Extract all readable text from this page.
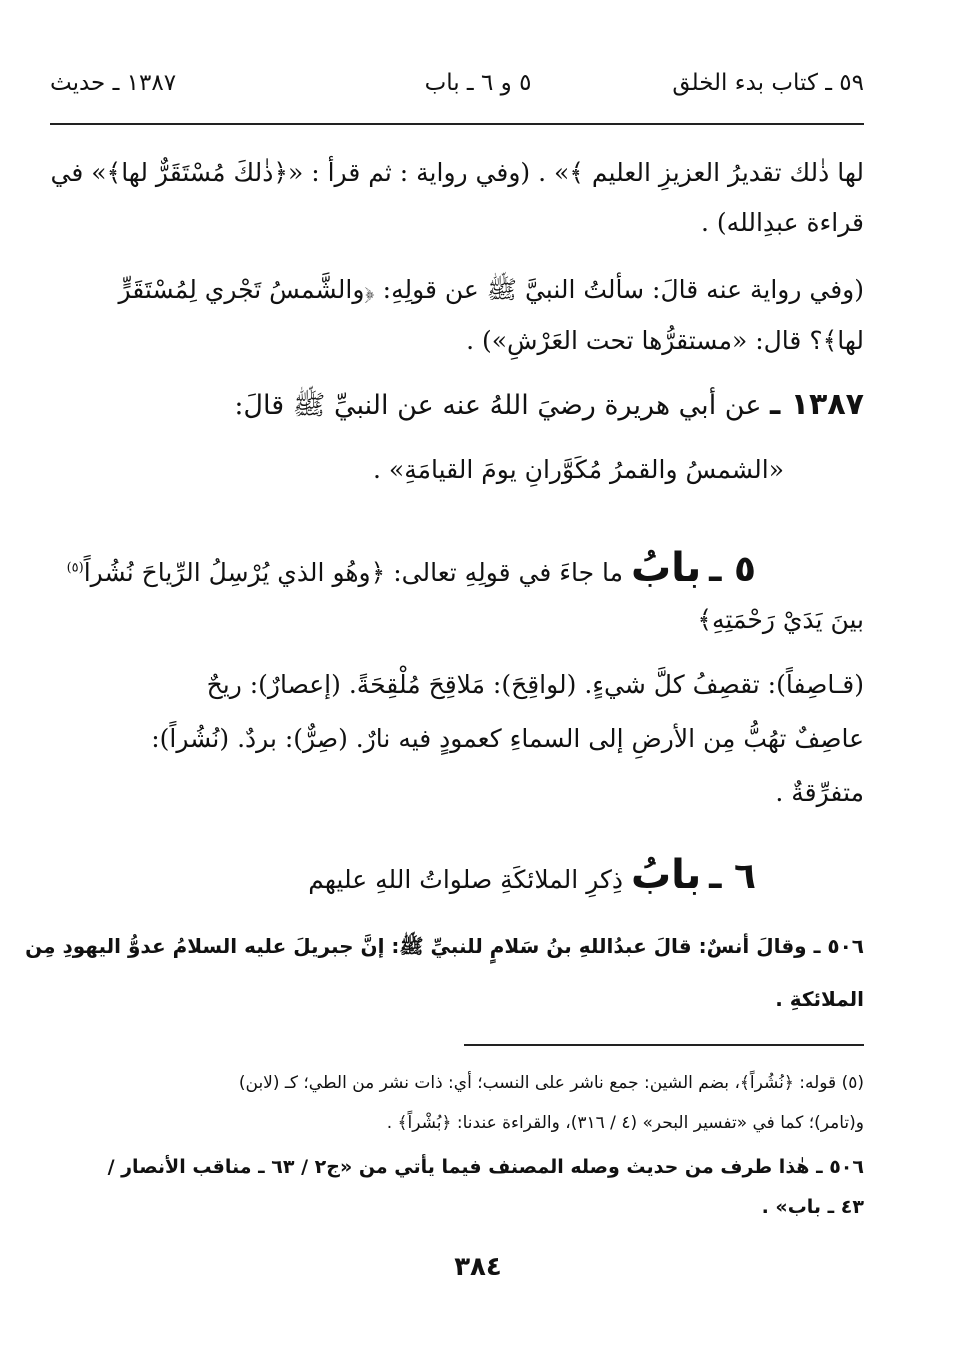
٥٩ ـ كتاب بدء الخلق
٥ و ٦ ـ باب
١٣٨٧ ـ حديث
لها ذٰلك تقديرُ العزيزِ العليم ﴾» . (وفي رواية : ثم قرأ : «﴿ذٰلكَ مُسْتَقَرٌّ لها﴾» في
قراءة عبدِالله) .
(وفي رواية عنه قالَ: سألتُ النبيَّ ﷺ عن قولِهِ: ﴿والشَّمسُ تَجْري لِمُسْتَقَرٍّ
لها﴾؟ قال: «مستقرُّها تحت العَرْشِ») .
١٣٨٧ ـ عن أبي هريرة رضيَ اللهُ عنه عن النبيِّ ﷺ قالَ:
«الشمسُ والقمرُ مُكَوَّرانِ يومَ القيامَةِ» .
٥ ـ بابُ ما جاءَ في قولِهِ تعالى: ﴿وهُو الذي يُرْسِلُ الرِّياحَ نُشُراً$^{(٥)}$
بينَ يَدَيْ رَحْمَتِهِ﴾
(قـاصِفاً): تقصِفُ كلَّ شيءٍ. (لواقِحَ): مَلاقِحَ مُلْقِحَةً. (إعصارٌ): ريحٌ
عاصِفٌ تهُبُّ مِن الأرضِ إلى السماءِ كعمودٍ فيه نارٌ. (صِرٌّ): بردٌ. (نُشُراً):
متفرِّقةٌ .
٦ ـ بابُ ذِكرِ الملائكَةِ صلواتُ اللهِ عليهم
٥٠٦ ـ وقالَ أنسٌ: قالَ عبدُاللهِ بنُ سَلامٍ للنبيِّ ﷺ: إنَّ جبريلَ عليه السلامُ عدوُّ اليهودِ مِن
الملائكةِ .
(٥) قوله: ﴿نُشُراً﴾، بضم الشين: جمع ناشر على النسب؛ أي: ذات نشر من الطي؛ كـ (لابن)
و(تامر)؛ كما في «تفسير البحر» (٤ / ٣١٦)، والقراءة عندنا: ﴿بُشْراً﴾ .
٥٠٦ ـ هٰذا طرف من حديث وصله المصنف فيما يأتي من «ج٢ / ٦٣ ـ مناقب الأنصار /
٤٣ ـ باب» .
٣٨٤
